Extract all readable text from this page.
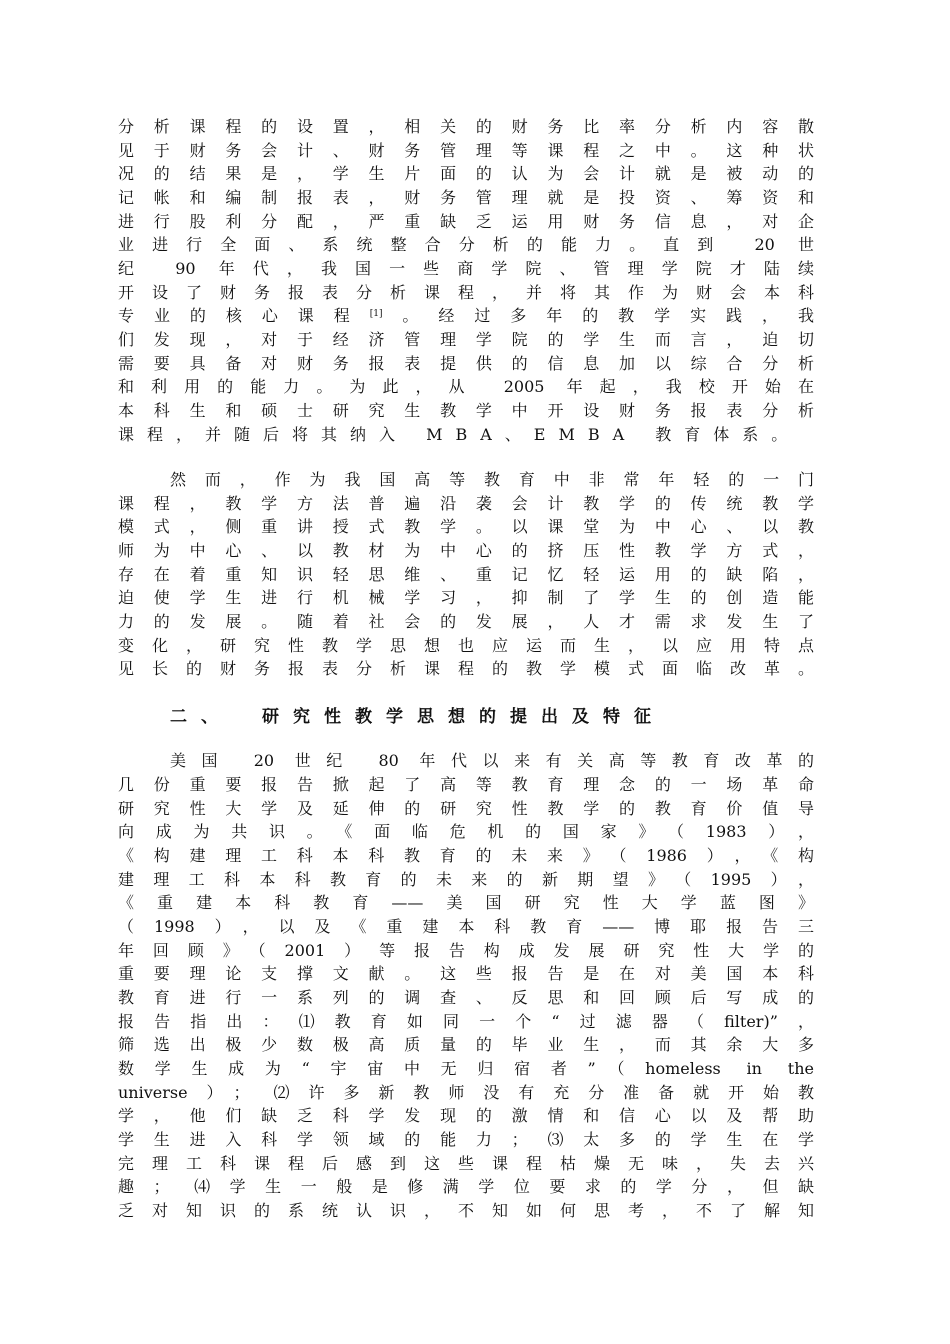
分析课程的设置，相关的财务比率分析内容散
见于财务会计、财务管理等课程之中。这种状
况的结果是，学生片面的认为会计就是被动的
记帐和编制报表，财务管理就是投资、筹资和
进行股利分配，严重缺乏运用财务信息，对企
业进行全面、系统整合分析的能力。直到 20 世
纪 90 年代，我国一些商学院、管理学院才陆续
开设了财务报表分析课程，并将其作为财会本科
专业的核心课程[1]。经过多年的教学实践，我
们发现，对于经济管理学院的学生而言，迫切
需要具备对财务报表提供的信息加以综合分析
和利用的能力。为此，从 2005 年起，我校开始在
本科生和硕士研究生教学中开设财务报表分析
课程，并随后将其纳入 MBA、EMBA 教育体系。
然而，作为我国高等教育中非常年轻的一门
课程，教学方法普遍沿袭会计教学的传统教学
模式，侧重讲授式教学。以课堂为中心、以教
师为中心、以教材为中心的挤压性教学方式，
存在着重知识轻思维、重记忆轻运用的缺陷，
迫使学生进行机械学习，抑制了学生的创造能
力的发展。随着社会的发展，人才需求发生了
变化，研究性教学思想也应运而生，以应用特点
见长的财务报表分析课程的教学模式面临改革。
二、 研究性教学思想的提出及特征
美国 20 世纪 80 年代以来有关高等教育改革的
几份重要报告掀起了高等教育理念的一场革命
研究性大学及延伸的研究性教学的教育价值导
向成为共识。《面临危机的国家》（1983），
《构建理工科本科教育的未来》（1986），《构
建理工科本科教育的未来的新期望》（1995），
《重建本科教育——美国研究性大学蓝图》
（1998），以及《重建本科教育——博耶报告三
年回顾》（2001）等报告构成发展研究性大学的
重要理论支撑文献。这些报告是在对美国本科
教育进行一系列的调查、反思和回顾后写成的
报告指出：⑴教育如同一个“过滤器（filter)”，
筛选出极少数极高质量的毕业生，而其余大多
数学生成为“宇宙中无归宿者”（homeless in the
universe）； ⑵许多新教师没有充分准备就开始教
学，他们缺乏科学发现的激情和信心以及帮助
学生进入科学领域的能力；⑶太多的学生在学
完理工科课程后感到这些课程枯燥无味，失去兴
趣； ⑷学生一般是修满学位要求的学分，但缺
乏对知识的系统认识，不知如何思考，不了解知
